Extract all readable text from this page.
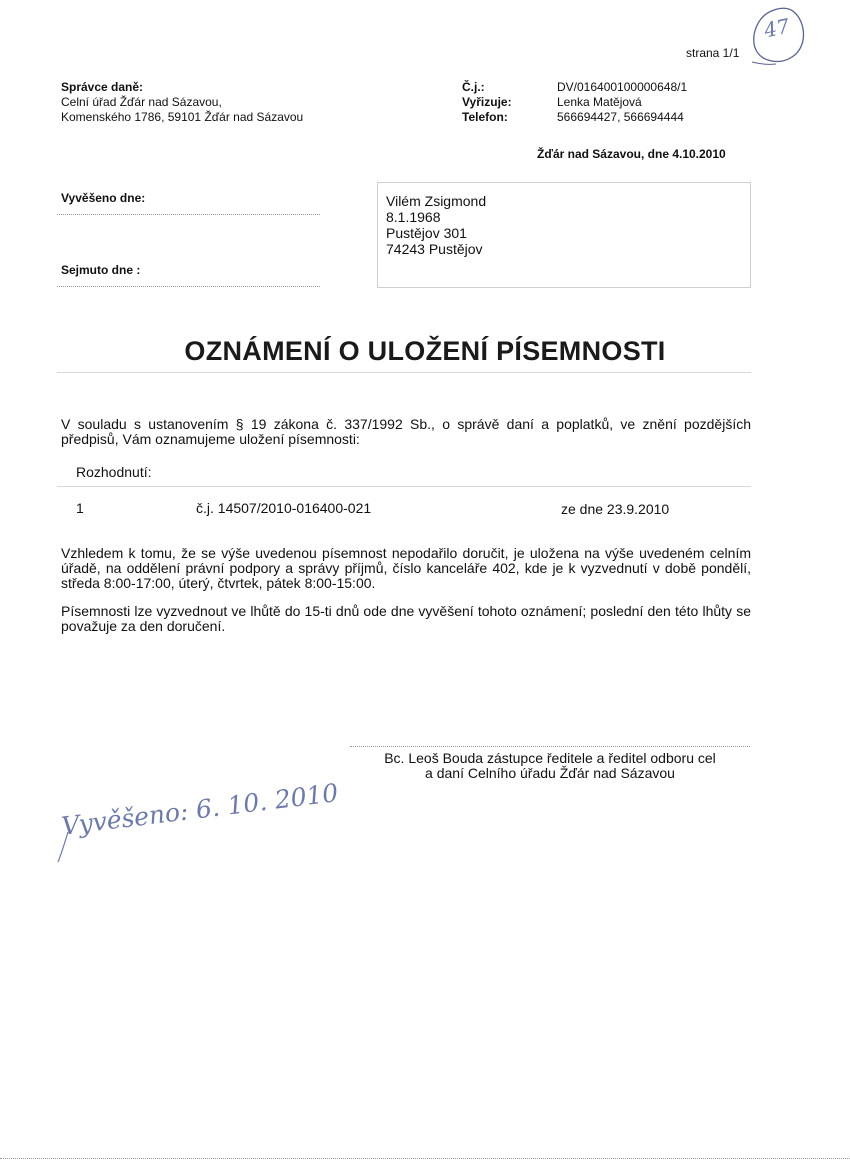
strana 1/1
47
Správce daně:
Celní úřad Žďár nad Sázavou,
Komenského 1786, 59101 Žďár nad Sázavou
Č.j.:	DV/016400100000648/1
Vyřizuje:	Lenka Matějová
Telefon:	566694427, 566694444
Žďár nad Sázavou, dne 4.10.2010
Vyvěšeno dne:
Sejmuto dne :
Vilém Zsigmond
8.1.1968
Pustějov 301
74243 Pustějov
OZNÁMENÍ O ULOŽENÍ PÍSEMNOSTI
V souladu s ustanovením § 19 zákona č. 337/1992 Sb., o správě daní a poplatků, ve znění pozdějších předpisů, Vám oznamujeme uložení písemnosti:
Rozhodnutí:
1	č.j. 14507/2010-016400-021	ze dne 23.9.2010
Vzhledem k tomu, že se výše uvedenou písemnost nepodařilo doručit, je uložena na výše uvedeném celním úřadě, na oddělení právní podpory a správy příjmů, číslo kanceláře 402, kde je k vyzvednutí v době pondělí, středa 8:00-17:00, úterý, čtvrtek, pátek 8:00-15:00.
Písemnosti lze vyzvednout ve lhůtě do 15-ti dnů ode dne vyvěšení tohoto oznámení; poslední den této lhůty se považuje za den doručení.
Bc. Leoš Bouda zástupce ředitele a ředitel odboru cel
a daní Celního úřadu Žďár nad Sázavou
Vyvěšeno: 6. 10. 2010
